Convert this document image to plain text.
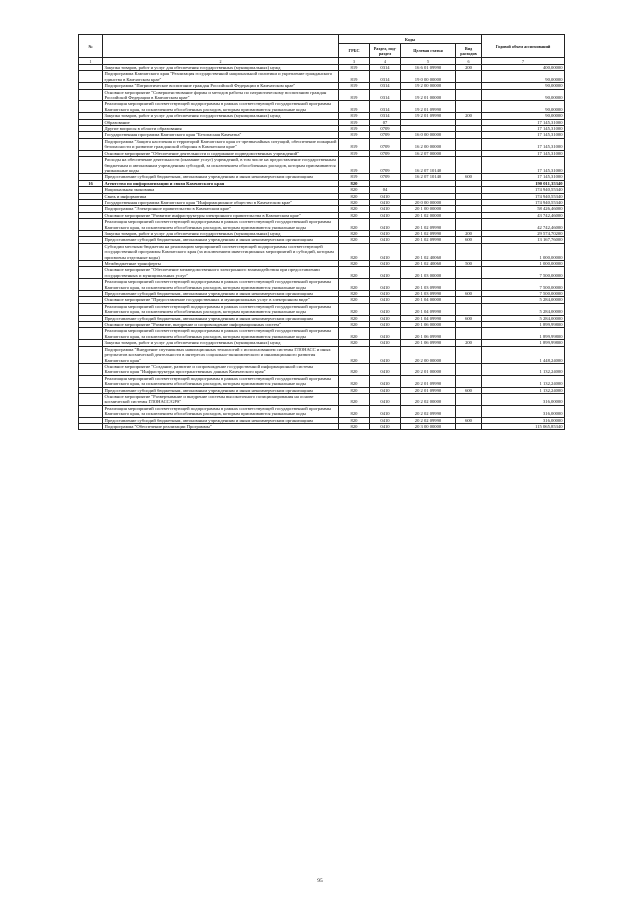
№		Коды				Годовой объем ассигнований
		ГРБС	Раздел, под-раздел	Целевая статья	Вид расходов	
1	2	3	4	5	6	7
	Закупка товаров, работ и услуг для обеспечения государственных (муниципальных) нужд	819	0314	16 6 01 09990	200	400,00000
	Подпрограмма Камчатского края "Реализация государственной национальной политики и укрепление гражданского единства в Камчатском крае"	819	0314	19 0 00 00000		90,00000
	Подпрограмма "Патриотическое воспитание граждан Российской Федерации в Камчатском крае"	819	0314	19 2 00 00000		90,00000
	Основное мероприятие "Совершенствование формы и методов работы по патриотическому воспитанию граждан Российской Федерации в Камчатском крае"	819	0314	19 2 01 00000		90,00000
	Реализация мероприятий соответствующей подпрограммы в рамках соответствующей государственной программы Камчатского края, за исключением обособленных расходов, которым присваиваются уникальные коды	819	0314	19 2 01 09990		90,00000
	Закупка товаров, работ и услуг для обеспечения государственных (муниципальных) нужд	819	0314	19 2 01 09990	200	90,00000
	Образование	819	07			17 145,31000
	Другие вопросы в области образования	819	0709			17 145,31000
	Государственная программа Камчатского края "Безопасная Камчатка"	819	0709	16 0 00 00000		17 145,31000
	Подпрограмма "Защита населения и территорий Камчатского края от чрезвычайных ситуаций, обеспечение пожарной безопасности и развитие гражданской обороны в Камчатском крае"	819	0709	16 2 00 00000		17 145,31000
	Основное мероприятие "Обеспечение деятельности и содержание подведомственных учреждений"	819	0709	16 2 07 00000		17 145,31000
	Расходы на обеспечение деятельности (оказание услуг) учреждений, в том числе на предоставление государственным бюджетным и автономным учреждениям субсидий, за исключением обособленных расходов, которым присваиваются уникальные коды	819	0709	16 2 07 10140		17 145,31000
	Предоставление субсидий бюджетным, автономным учреждениям и иным некоммерческим организациям	819	0709	16 2 07 10140	600	17 145,31000
16	Агентство по информатизации и связи Камчатского края	820				190 011,35340
	Национальная экономика	820	04			174 940,55340
	Связь и информатика	820	0410			174 940,55340
	Государственная программа Камчатского края "Информационное общество в Камчатском крае"	820	0410	20 0 00 00000		174 940,55340
	Подпрограмма "Электронное правительство в Камчатском крае"	820	0410	20 1 00 00000		58 426,46000
	Основное мероприятие "Развитие инфраструктуры электронного правительства в Камчатском крае"	820	0410	20 1 02 00000		43 742,46000
	Реализация мероприятий соответствующей подпрограммы в рамках соответствующей государственной программы Камчатского края, за исключением обособленных расходов, которым присваиваются уникальные коды	820	0410	20 1 02 09990		42 742,46000
	Закупка товаров, работ и услуг для обеспечения государственных (муниципальных) нужд	820	0410	20 1 02 09990	200	29 574,70200
	Предоставление субсидий бюджетным, автономным учреждениям и иным некоммерческим организациям	820	0410	20 1 02 09990	600	13 167,76000
	Субсидии местным бюджетам на реализацию мероприятий соответствующей подпрограммы соответствующей государственной программы Камчатского края (за исключением инвестиционных мероприятий и субсидий, которым присвоены отдельные коды)	820	0410	20 1 02 40060		1 000,00000
	Межбюджетные трансферты	820	0410	20 1 02 40060	500	1 000,00000
	Основное мероприятие "Обеспечение межведомственного электронного взаимодействия при предоставлении государственных и муниципальных услуг"	820	0410	20 1 03 00000		7 500,00000
	Реализация мероприятий соответствующей подпрограммы в рамках соответствующей государственной программы Камчатского края, за исключением обособленных расходов, которым присваиваются уникальные коды	820	0410	20 1 03 09990		7 500,00000
	Предоставление субсидий бюджетным, автономным учреждениям и иным некоммерческим организациям	820	0410	20 1 03 09990	600	7 500,00000
	Основное мероприятие "Предоставление государственных и муниципальных услуг в электронном виде"	820	0410	20 1 04 00000		5 284,00000
	Реализация мероприятий соответствующей подпрограммы в рамках соответствующей государственной программы Камчатского края, за исключением обособленных расходов, которым присваиваются уникальные коды	820	0410	20 1 04 09990		5 284,00000
	Предоставление субсидий бюджетным, автономным учреждениям и иным некоммерческим организациям	820	0410	20 1 04 09990	600	5 284,00000
	Основное мероприятие "Развитие, внедрение и сопровождение информационных систем"	820	0410	20 1 06 00000		1 899,99800
	Реализация мероприятий соответствующей подпрограммы в рамках соответствующей государственной программы Камчатского края, за исключением обособленных расходов, которым присваиваются уникальные коды	820	0410	20 1 06 09990		1 899,99800
	Закупка товаров, работ и услуг для обеспечения государственных (муниципальных) нужд	820	0410	20 1 06 09990	200	1 899,99800
	Подпрограмма "Внедрение спутниковых навигационных технологий с использованием системы ГЛОНАСС и иных результатов космической деятельности в интересах социально-экономического и инновационного развития Камчатского края"	820	0410	20 2 00 00000		1 448,24000
	Основное мероприятие "Создание, развитие и сопровождение государственной информационной системы Камчатского края "Инфраструктура пространственных данных Камчатского края"	820	0410	20 2 01 00000		1 132,24000
	Реализация мероприятий соответствующей подпрограммы в рамках соответствующей государственной программы Камчатского края, за исключением обособленных расходов, которым присваиваются уникальные коды	820	0410	20 2 01 09990		1 132,24000
	Предоставление субсидий бюджетным, автономным учреждениям и иным некоммерческим организациям	820	0410	20 2 01 09990	600	1 132,24000
	Основное мероприятие "Развертывание и внедрение системы высокоточного позиционирования на основе космической системы ГЛОНАСС/GPS"	820	0410	20 2 02 00000		316,00000
	Реализация мероприятий соответствующей подпрограммы в рамках соответствующей государственной программы Камчатского края, за исключением обособленных расходов, которым присваиваются уникальные коды	820	0410	20 2 02 09990		316,00000
	Предоставление субсидий бюджетным, автономным учреждениям и иным некоммерческим организациям	820	0410	20 2 02 09990	600	316,00000
	Подпрограмма "Обеспечение реализации Программы"	820	0410	20 3 00 00000		115 065,85340
95
